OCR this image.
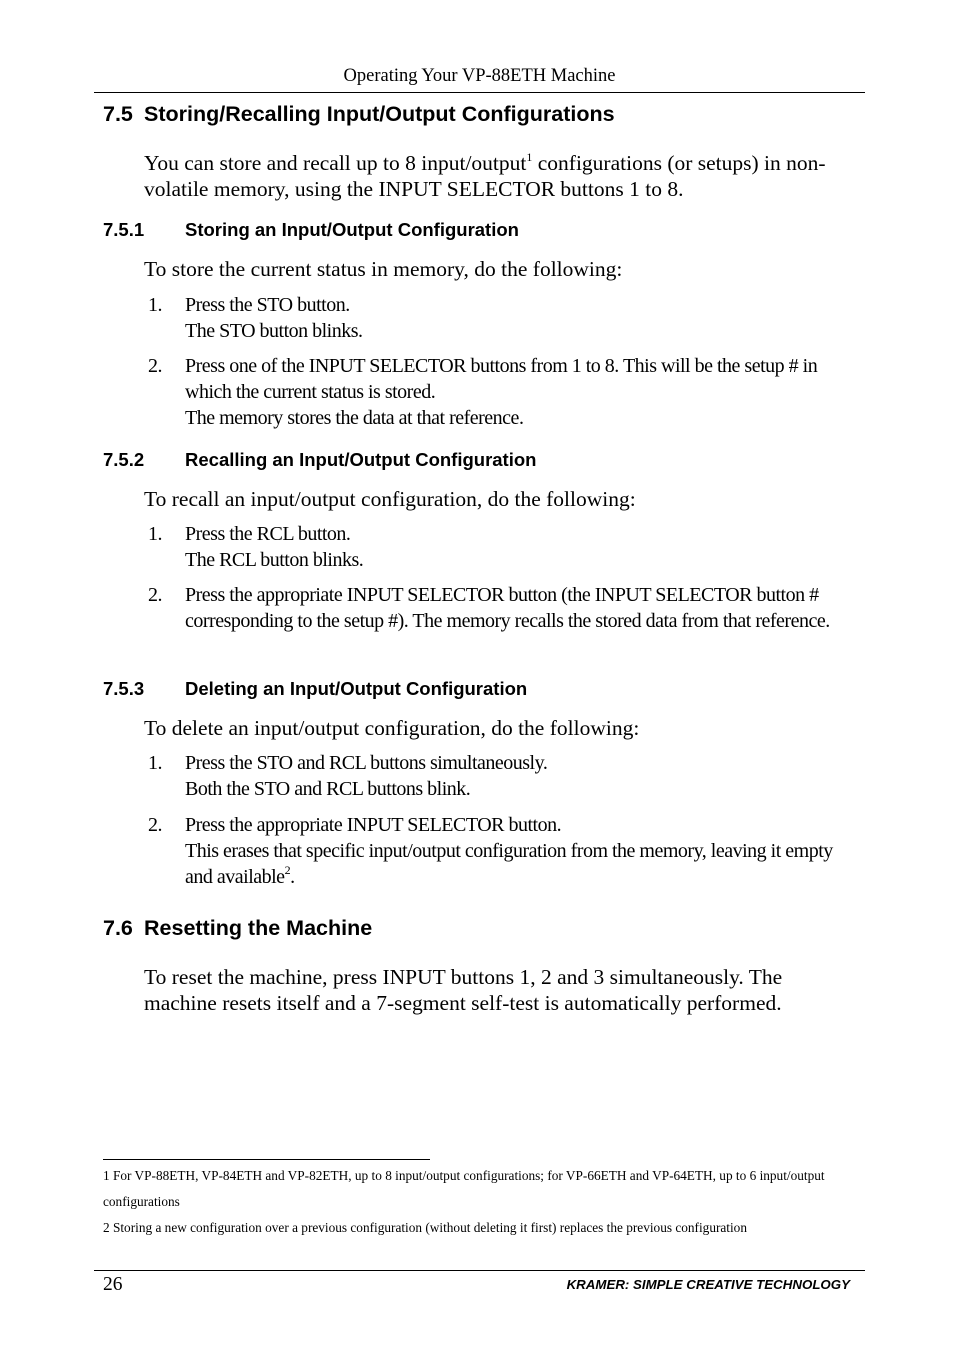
Operating Your VP-88ETH Machine
7.5 Storing/Recalling Input/Output Configurations
You can store and recall up to 8 input/output$^1$ configurations (or setups) in non-volatile memory, using the INPUT SELECTOR buttons 1 to 8.
7.5.1 Storing an Input/Output Configuration
To store the current status in memory, do the following:
1. Press the STO button.
The STO button blinks.
2. Press one of the INPUT SELECTOR buttons from 1 to 8. This will be the setup # in which the current status is stored.
The memory stores the data at that reference.
7.5.2 Recalling an Input/Output Configuration
To recall an input/output configuration, do the following:
1. Press the RCL button.
The RCL button blinks.
2. Press the appropriate INPUT SELECTOR button (the INPUT SELECTOR button # corresponding to the setup #). The memory recalls the stored data from that reference.
7.5.3 Deleting an Input/Output Configuration
To delete an input/output configuration, do the following:
1. Press the STO and RCL buttons simultaneously.
Both the STO and RCL buttons blink.
2. Press the appropriate INPUT SELECTOR button.
This erases that specific input/output configuration from the memory, leaving it empty and available$^2$.
7.6 Resetting the Machine
To reset the machine, press INPUT buttons 1, 2 and 3 simultaneously. The machine resets itself and a 7-segment self-test is automatically performed.
1 For VP-88ETH, VP-84ETH and VP-82ETH, up to 8 input/output configurations; for VP-66ETH and VP-64ETH, up to 6 input/output configurations
2 Storing a new configuration over a previous configuration (without deleting it first) replaces the previous configuration
26	KRAMER: SIMPLE CREATIVE TECHNOLOGY
